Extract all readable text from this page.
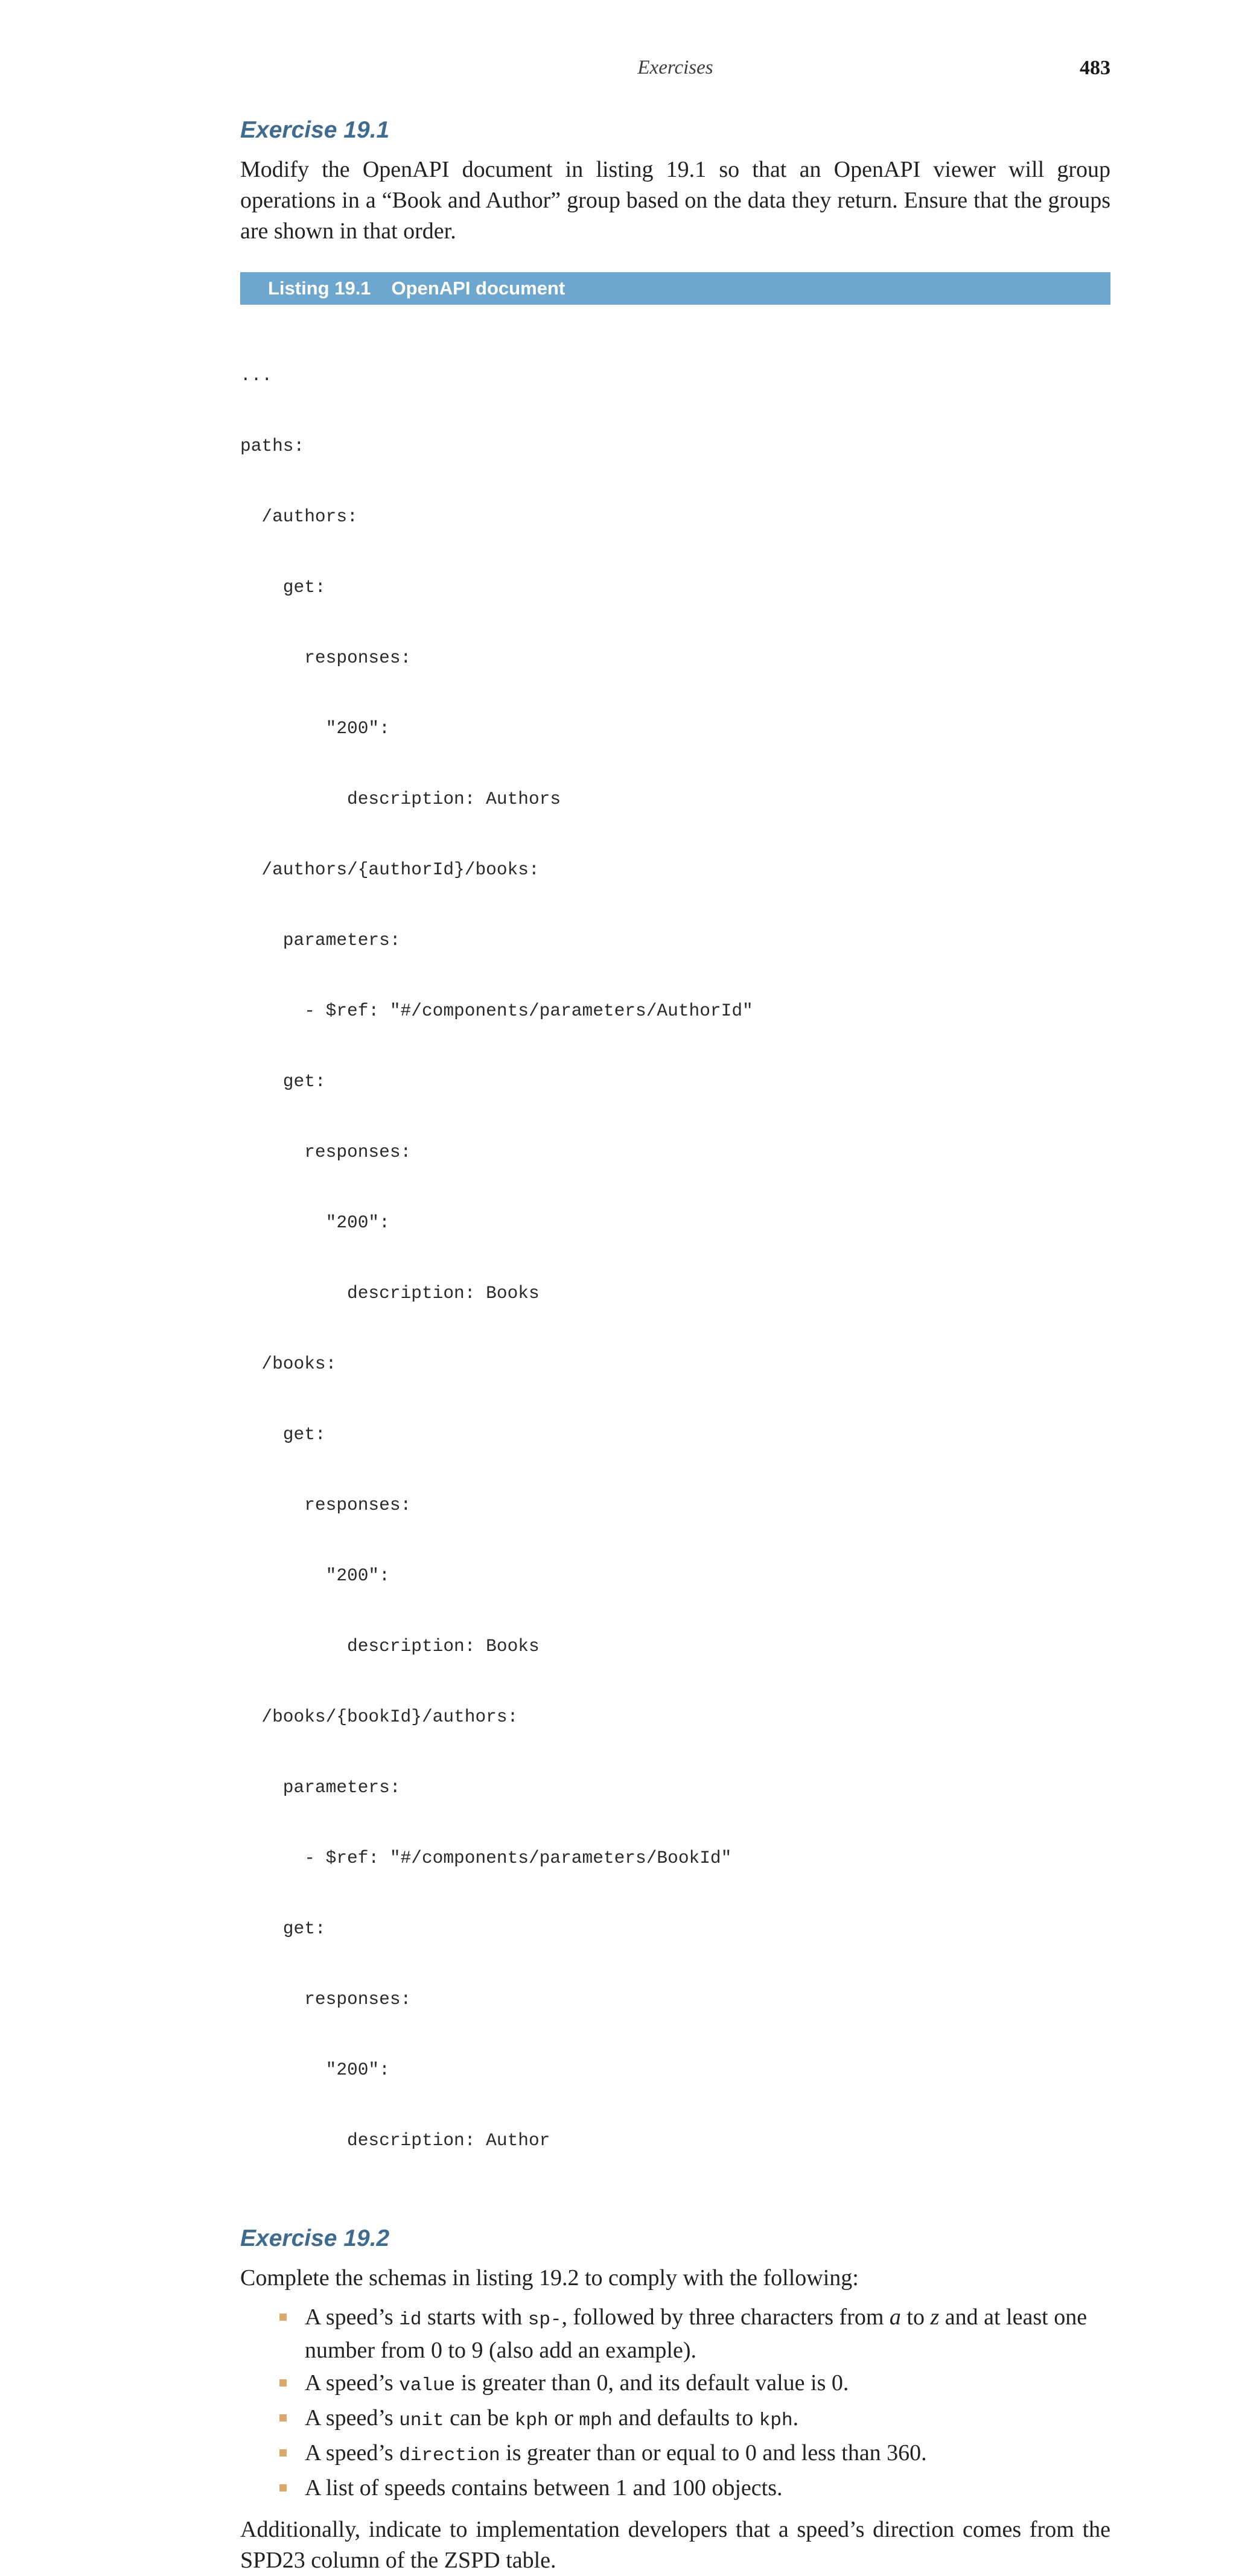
Exercises	483
Exercise 19.1

Modify the OpenAPI document in listing 19.1 so that an OpenAPI viewer will group operations in a “Book and Author” group based on the data they return. Ensure that the groups are shown in that order.

Listing 19.1 OpenAPI document

...

paths:

/authors:

get:

responses:

"200":

description: Authors

/authors/{authorId}/books:

parameters:

- $ref: "#/components/parameters/AuthorId"

get:

responses:

"200":

description: Books

/books:

get:

responses:

"200":

description: Books

/books/{bookId}/authors:

parameters:

- $ref: "#/components/parameters/BookId"

get:

responses:

"200":

description: Author

Exercise 19.2

Complete the schemas in listing 19.2 to comply with the following:

A speed’s id starts with sp-, followed by three characters from a to z and at least one number from 0 to 9 (also add an example).
A speed’s value is greater than 0, and its default value is 0.
A speed’s unit can be kph or mph and defaults to kph.
A speed’s direction is greater than or equal to 0 and less than 360.
A list of speeds contains between 1 and 100 objects.

Additionally, indicate to implementation developers that a speed’s direction comes from the SPD23 column of the ZSPD table.
